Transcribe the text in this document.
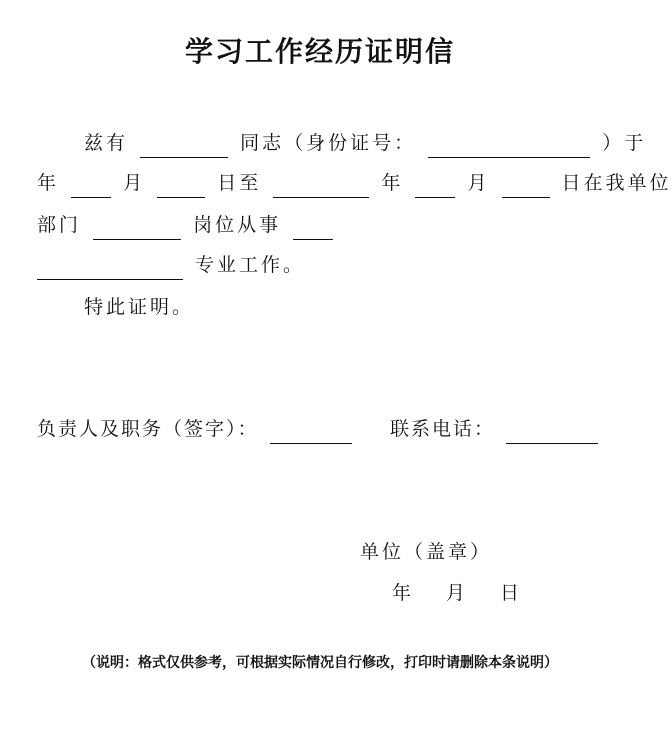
学习工作经历证明信
兹有	同志（身份证号：	）于
年	月	日至	年	月	日在我单位
部门	岗位从事
专业工作。
特此证明。
负责人及职务（签字）：	联系电话：
单位（盖章）
年 月 日
（说明：格式仅供参考，可根据实际情况自行修改，打印时请删除本条说明）
